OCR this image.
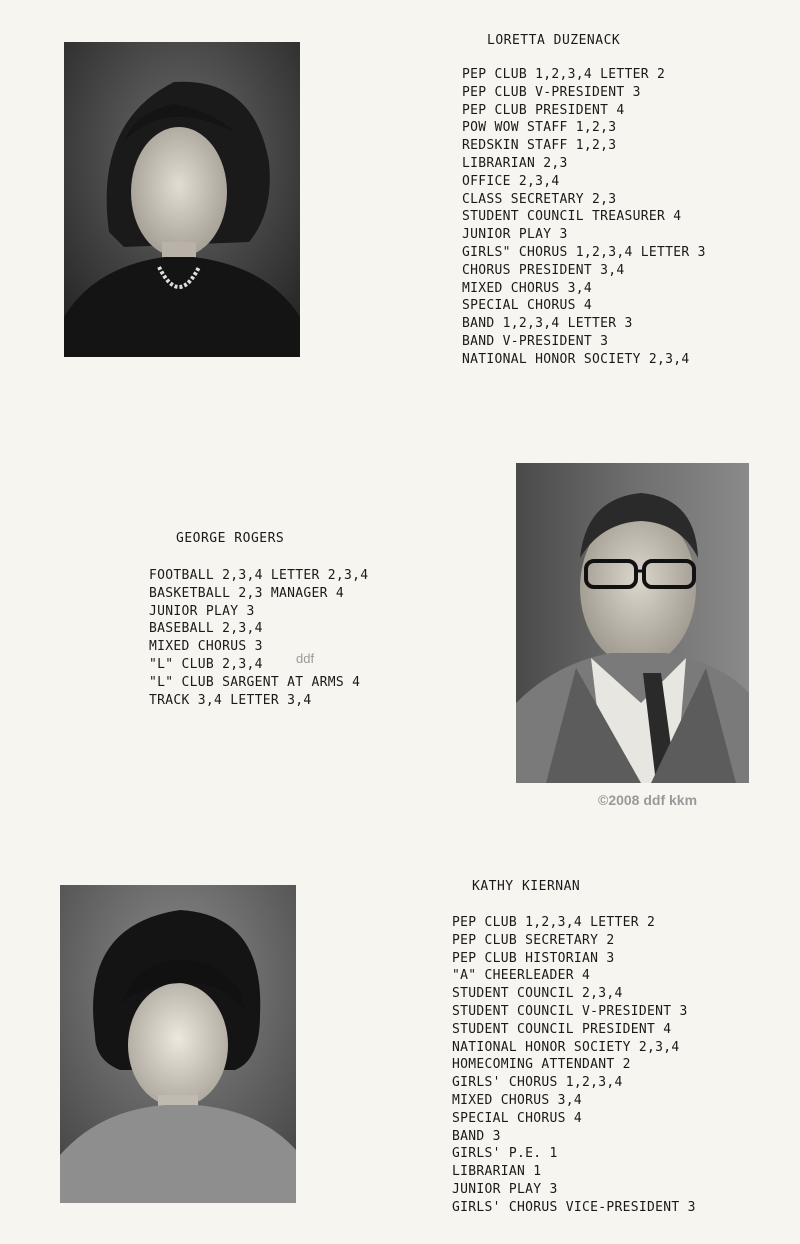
LORETTA DUZENACK
PEP CLUB 1,2,3,4 LETTER 2
PEP CLUB V-PRESIDENT 3
PEP CLUB PRESIDENT 4
POW WOW STAFF 1,2,3
REDSKIN STAFF 1,2,3
LIBRARIAN 2,3
OFFICE 2,3,4
CLASS SECRETARY 2,3
STUDENT COUNCIL TREASURER 4
JUNIOR PLAY 3
GIRLS" CHORUS 1,2,3,4 LETTER 3
CHORUS PRESIDENT 3,4
MIXED CHORUS 3,4
SPECIAL CHORUS 4
BAND 1,2,3,4 LETTER 3
BAND V-PRESIDENT 3
NATIONAL HONOR SOCIETY 2,3,4
GEORGE ROGERS
FOOTBALL 2,3,4 LETTER 2,3,4
BASKETBALL 2,3 MANAGER 4
JUNIOR PLAY 3
BASEBALL 2,3,4
MIXED CHORUS 3
"L" CLUB 2,3,4
"L" CLUB SARGENT AT ARMS 4
TRACK 3,4 LETTER 3,4
ddf
©2008 ddf kkm
KATHY KIERNAN
PEP CLUB 1,2,3,4 LETTER 2
PEP CLUB SECRETARY 2
PEP CLUB HISTORIAN 3
"A" CHEERLEADER 4
STUDENT COUNCIL 2,3,4
STUDENT COUNCIL V-PRESIDENT 3
STUDENT COUNCIL PRESIDENT 4
NATIONAL HONOR SOCIETY 2,3,4
HOMECOMING ATTENDANT 2
GIRLS' CHORUS 1,2,3,4
MIXED CHORUS 3,4
SPECIAL CHORUS 4
BAND 3
GIRLS' P.E. 1
LIBRARIAN 1
JUNIOR PLAY 3
GIRLS' CHORUS VICE-PRESIDENT 3
